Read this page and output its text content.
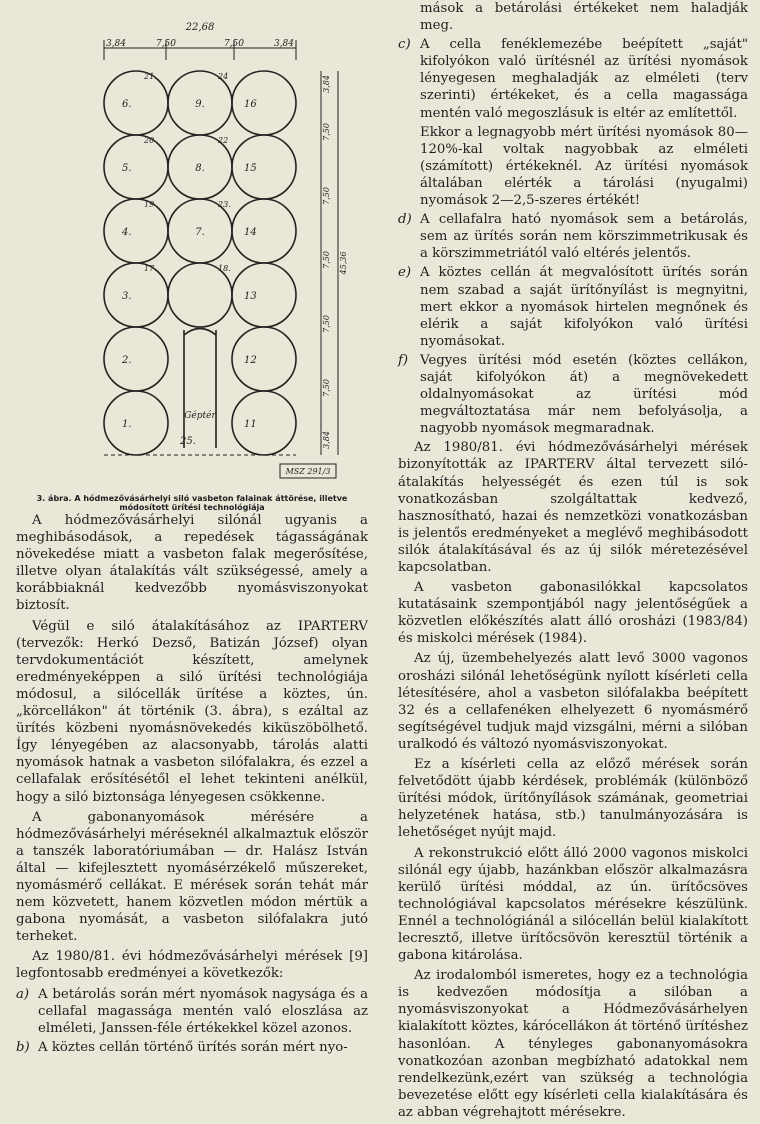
22,68
3,84	7,50	7,50	3,84
3,84
7,50
7,50
7,50
7,50
7,50
3,84
45,36
6.	16
5.	15
4.	14
3.	13
2.	12
1.	11
9.
8.
7.
20	22
19	23.
17.	18.
21.	24
25.
Géptér
MSZ 291/3
3. ábra. A hódmezővásárhelyi siló vasbeton falainak áttörése, illetve módosított ürítési technológiája

A hódmezővásárhelyi silónál ugyanis a meghibásodások, a repedések tágasságának növekedése miatt a vasbeton falak megerősítése, illetve olyan átalakítás vált szükségessé, amely a korábbiaknál kedvezőbb nyomásviszonyokat biztosít.

Végül e siló átalakításához az IPARTERV (tervezők: Herkó Dezső, Batizán József) olyan tervdokumentációt készített, amelynek eredményeképpen a siló ürítési technológiája módosul, a silócellák ürítése a köztes, ún. „körcellákon" át történik (3. ábra), s ezáltal az ürítés közbeni nyomásnövekedés kiküszöbölhető. Így lényegében az alacsonyabb, tárolás alatti nyomások hatnak a vasbeton silófalakra, és ezzel a cellafalak erősítésétől el lehet tekinteni anélkül, hogy a siló biztonsága lényegesen csökkenne.

A gabonanyomások mérésére a hódmezővásárhelyi méréseknél alkalmaztuk először a tanszék laboratóriumában — dr. Halász István által — kifejlesztett nyomásérzékelő műszereket, nyomásmérő cellákat. E mérések során tehát már nem közvetett, hanem közvetlen módon mértük a gabona nyomását, a vasbeton silófalakra jutó terheket.

Az 1980/81. évi hódmezővásárhelyi mérések [9] legfontosabb eredményei a következők:

a) A betárolás során mért nyomások nagysága és a cellafal magassága mentén való eloszlása az elméleti, Janssen-féle értékekkel közel azonos.
b) A köztes cellán történő ürítés során mért nyo-
mások a betárolási értékeket nem haladják meg.
c) A cella fenéklemezébe beépített „saját" kifolyókon való ürítésnél az ürítési nyomások lényegesen meghaladják az elméleti (terv szerinti) értékeket, és a cella magassága mentén való megoszlásuk is eltér az említettől.
Ekkor a legnagyobb mért ürítési nyomások 80—120%-kal voltak nagyobbak az elméleti (számított) értékeknél. Az ürítési nyomások általában elérték a tárolási (nyugalmi) nyomások 2—2,5-szeres értékét!
d) A cellafalra ható nyomások sem a betárolás, sem az ürítés során nem körszimmetrikusak és a körszimmetriától való eltérés jelentős.
e) A köztes cellán át megvalósított ürítés során nem szabad a saját ürítőnyílást is megnyitni, mert ekkor a nyomások hirtelen megnőnek és elérik a saját kifolyókon való ürítési nyomásokat.
f) Vegyes ürítési mód esetén (köztes cellákon, saját kifolyókon át) a megnövekedett oldalnyomásokat az ürítési mód megváltoztatása már nem befolyásolja, a nagyobb nyomások megmaradnak.

Az 1980/81. évi hódmezővásárhelyi mérések bizonyították az IPARTERV által tervezett siló-átalakítás helyességét és ezen túl is sok vonatkozásban szolgáltattak kedvező, hasznosítható, hazai és nemzetközi vonatkozásban is jelentős eredményeket a meglévő meghibásodott silók átalakításával és az új silók méretezésével kapcsolatban.

A vasbeton gabonasilókkal kapcsolatos kutatásaink szempontjából nagy jelentőségűek a közvetlen előkészítés alatt álló orosházi (1983/84) és miskolci mérések (1984).

Az új, üzembehelyezés alatt levő 3000 vagonos orosházi silónál lehetőségünk nyílott kísérleti cella létesítésére, ahol a vasbeton silófalakba beépített 32 és a cellafenéken elhelyezett 6 nyomásmérő segítségével tudjuk majd vizsgálni, mérni a silóban uralkodó és változó nyomásviszonyokat.

Ez a kísérleti cella az előző mérések során felvetődött újabb kérdések, problémák (különböző ürítési módok, ürítőnyílások számának, geometriai helyzetének hatása, stb.) tanulmányozására is lehetőséget nyújt majd.

A rekonstrukció előtt álló 2000 vagonos miskolci silónál egy újabb, hazánkban először alkalmazásra kerülő ürítési móddal, az ún. ürítőcsöves technológiával kapcsolatos mérésekre készülünk. Ennél a technológiánál a silócellán belül kialakított lecresztő, illetve ürítőcsövön keresztül történik a gabona kitárolása.

Az irodalomból ismeretes, hogy ez a technológia is kedvezően módosítja a silóban a nyomásviszonyokat a Hódmezővásárhelyen kialakított köztes, kárócellákon át történő ürítéshez hasonlóan. A tényleges gabonanyomásokra vonatkozóan azonban megbízható adatokkal nem rendelkezünk,ezért van szükség a technológia bevezetése előtt egy kísérleti cella kialakítására és az abban végrehajtott mérésekre.
